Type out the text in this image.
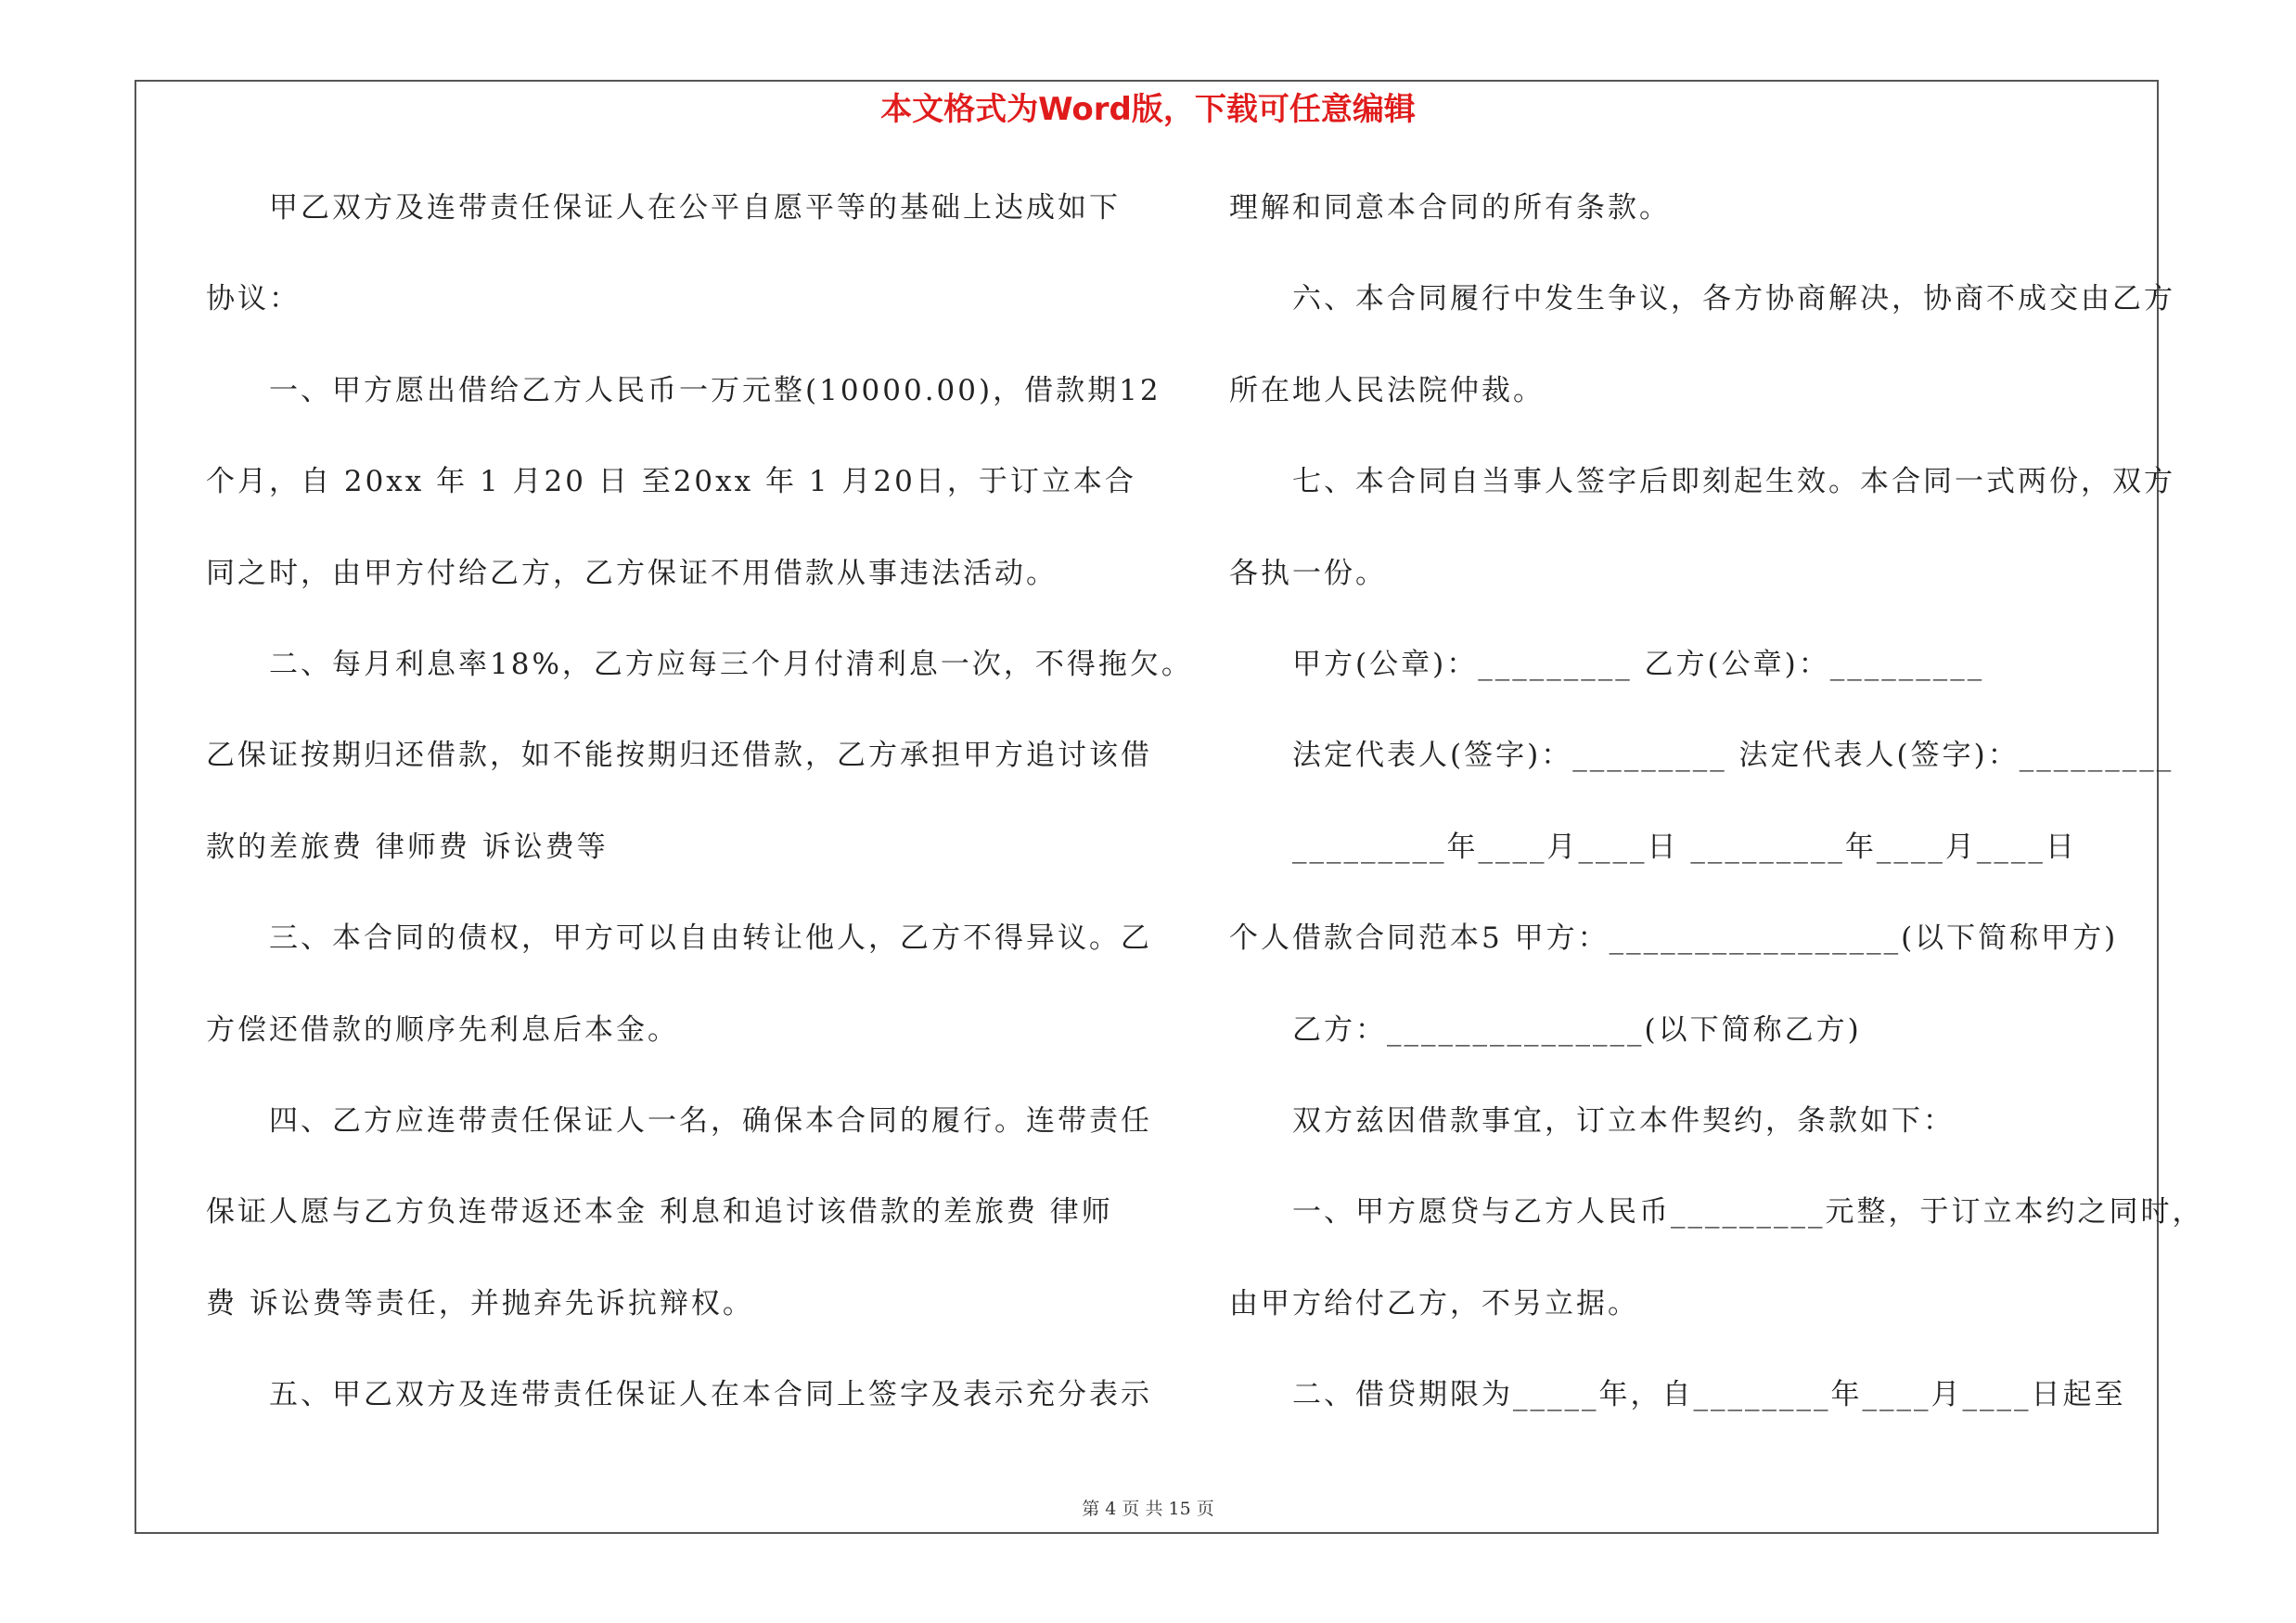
本文格式为Word版，下载可任意编辑
甲乙双方及连带责任保证人在公平自愿平等的基础上达成如下
协议：
一、甲方愿出借给乙方人民币一万元整(10000.00)，借款期12
个月，自 20xx 年 1 月20 日 至20xx 年 1 月20日，于订立本合
同之时，由甲方付给乙方，乙方保证不用借款从事违法活动。
二、每月利息率18%，乙方应每三个月付清利息一次，不得拖欠。
乙保证按期归还借款，如不能按期归还借款，乙方承担甲方追讨该借
款的差旅费 律师费 诉讼费等
三、本合同的债权，甲方可以自由转让他人，乙方不得异议。乙
方偿还借款的顺序先利息后本金。
四、乙方应连带责任保证人一名，确保本合同的履行。连带责任
保证人愿与乙方负连带返还本金 利息和追讨该借款的差旅费 律师
费 诉讼费等责任，并抛弃先诉抗辩权。
五、甲乙双方及连带责任保证人在本合同上签字及表示充分表示
理解和同意本合同的所有条款。
六、本合同履行中发生争议，各方协商解决，协商不成交由乙方
所在地人民法院仲裁。
七、本合同自当事人签字后即刻起生效。本合同一式两份，双方
各执一份。
甲方(公章)：_________ 乙方(公章)：_________
法定代表人(签字)：_________ 法定代表人(签字)：_________
_________年____月____日 _________年____月____日
个人借款合同范本5 甲方：_________________(以下简称甲方)
乙方：_______________(以下简称乙方)
双方兹因借款事宜，订立本件契约，条款如下：
一、甲方愿贷与乙方人民币_________元整，于订立本约之同时，
由甲方给付乙方，不另立据。
二、借贷期限为_____年，自________年____月____日起至
第 4 页 共 15 页
